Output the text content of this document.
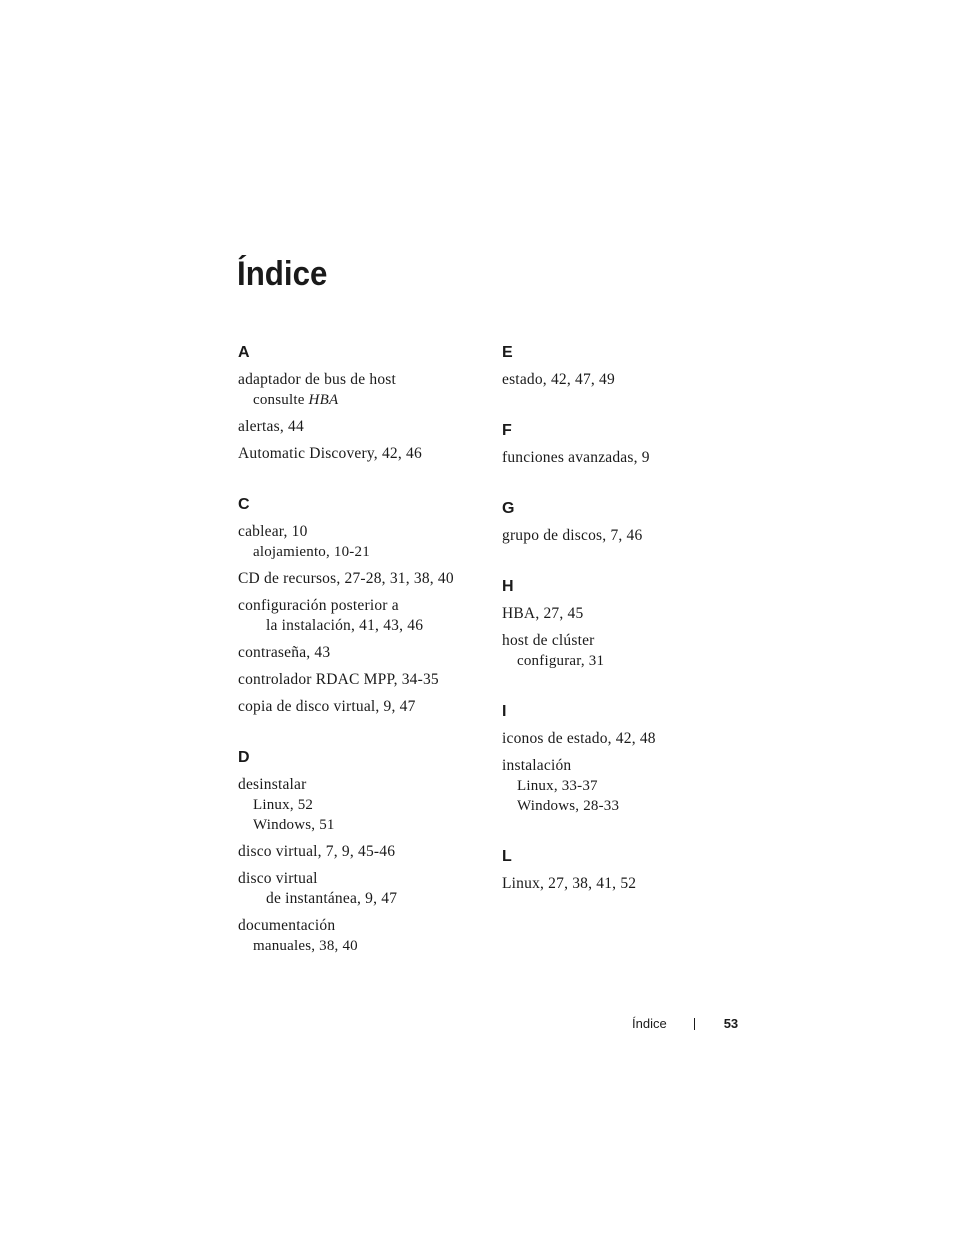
Índice
A
adaptador de bus de host
consulte HBA
alertas, 44
Automatic Discovery, 42, 46
C
cablear, 10
alojamiento, 10-21
CD de recursos, 27-28, 31, 38, 40
configuración posterior a
la instalación, 41, 43, 46
contraseña, 43
controlador RDAC MPP, 34-35
copia de disco virtual, 9, 47
D
desinstalar
Linux, 52
Windows, 51
disco virtual, 7, 9, 45-46
disco virtual
de instantánea, 9, 47
documentación
manuales, 38, 40
E
estado, 42, 47, 49
F
funciones avanzadas, 9
G
grupo de discos, 7, 46
H
HBA, 27, 45
host de clúster
configurar, 31
I
iconos de estado, 42, 48
instalación
Linux, 33-37
Windows, 28-33
L
Linux, 27, 38, 41, 52
Índice	53
